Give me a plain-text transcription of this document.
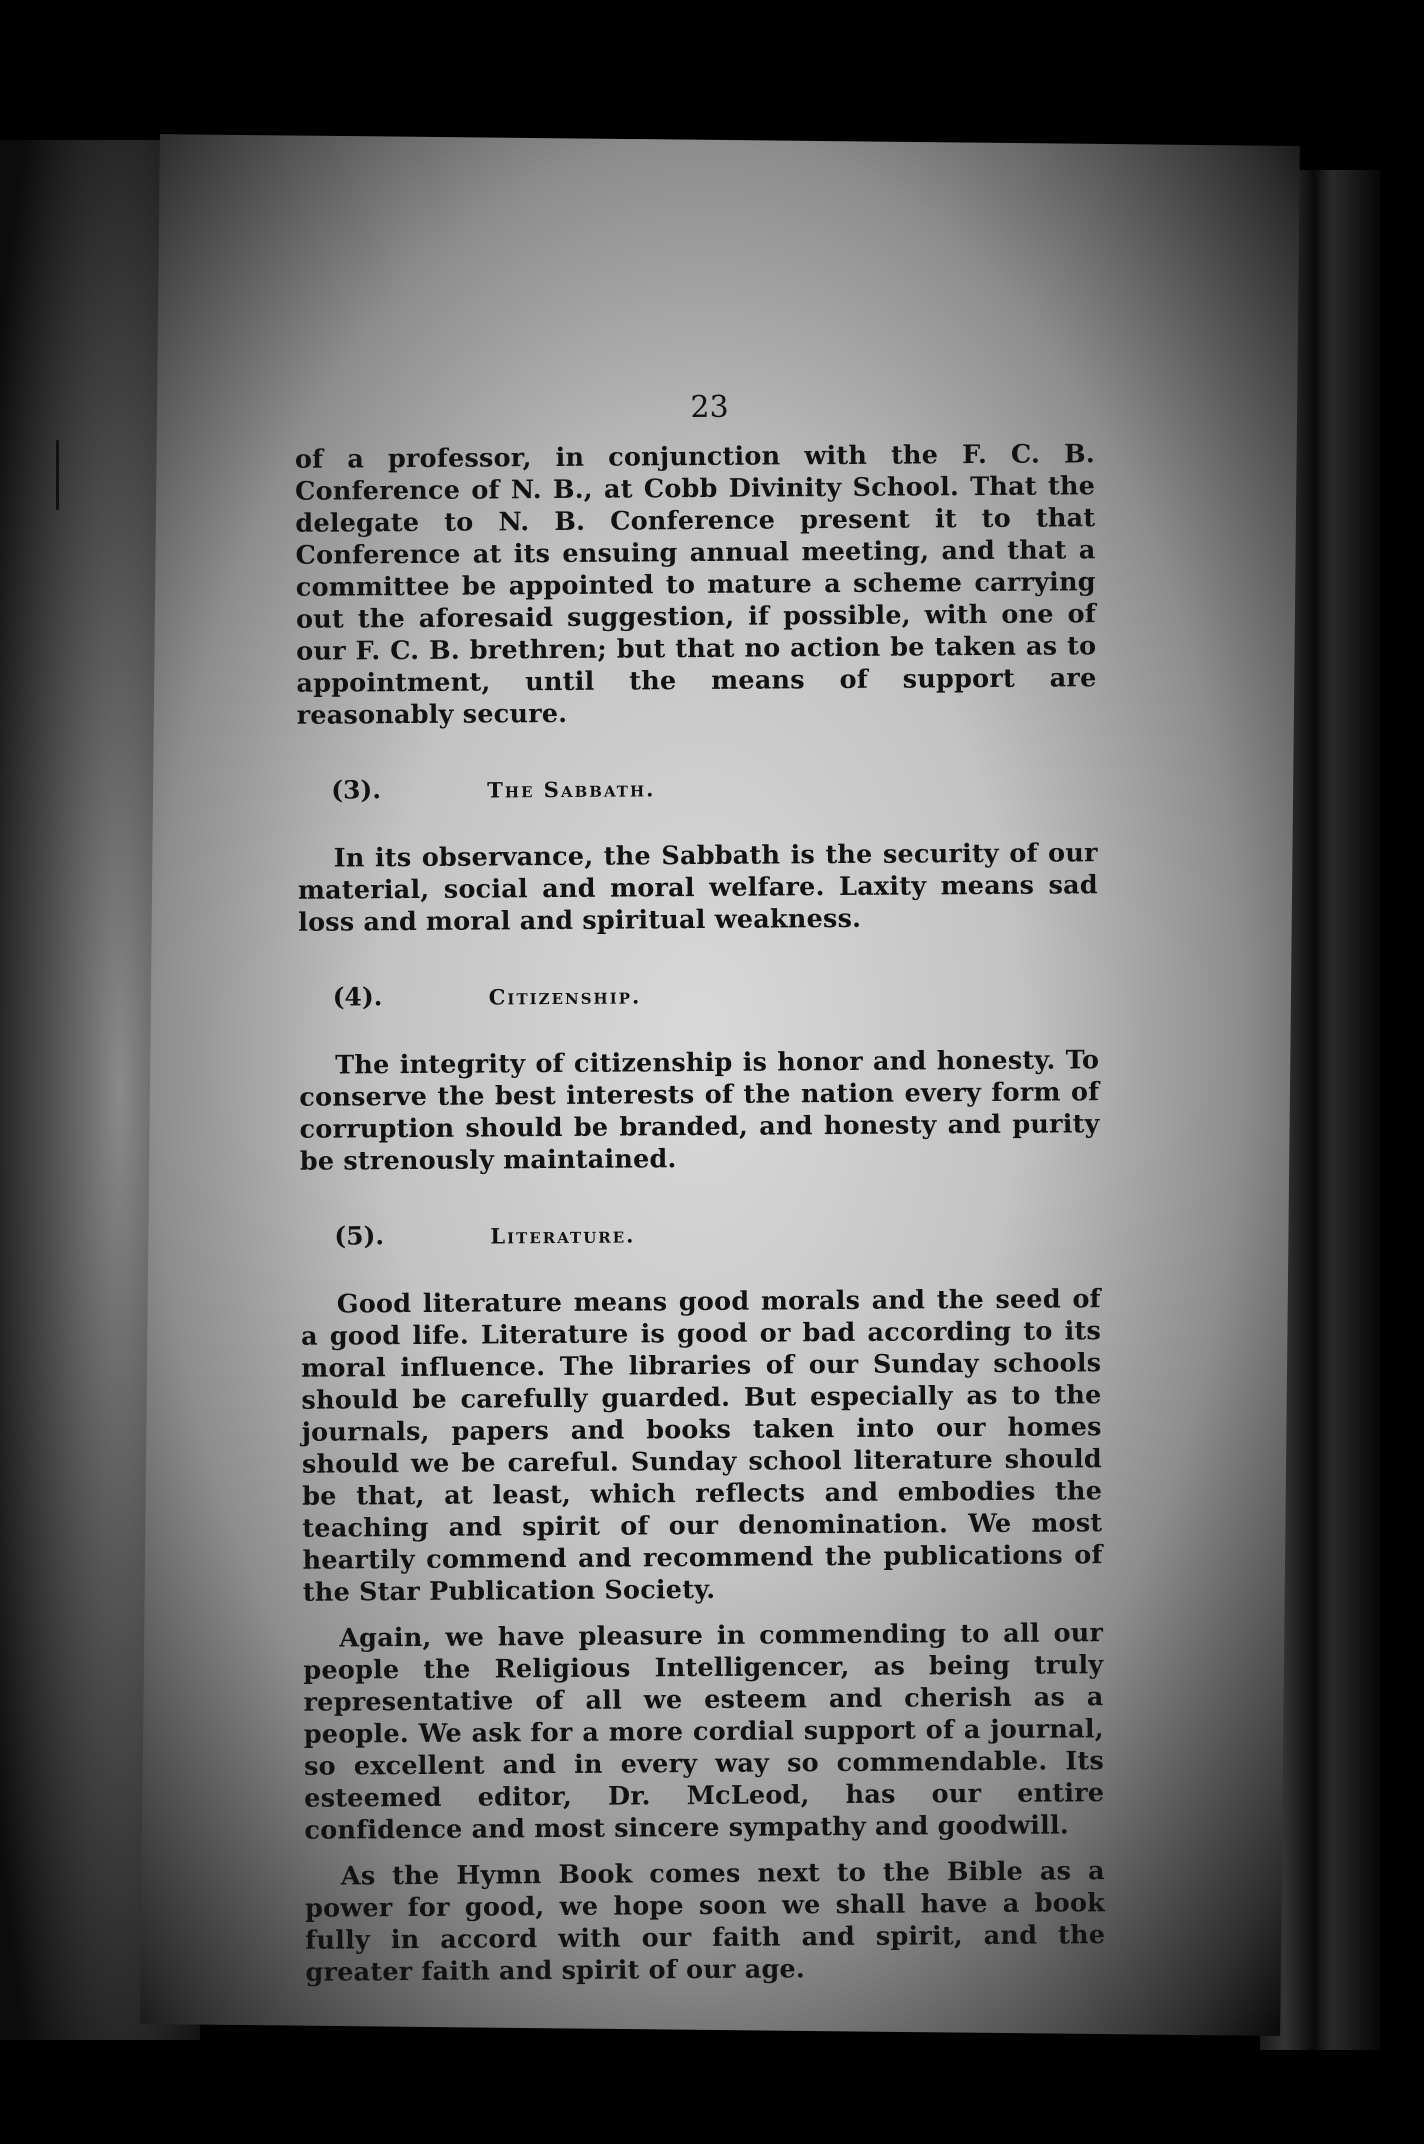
23

of a professor, in conjunction with the F. C. B. Conference of N. B., at Cobb Divinity School. That the delegate to N. B. Conference present it to that Conference at its ensuing annual meeting, and that a committee be appointed to mature a scheme carrying out the aforesaid suggestion, if possible, with one of our F. C. B. brethren; but that no action be taken as to appointment, until the means of support are reasonably secure.

(3).	The Sabbath.

In its observance, the Sabbath is the security of our material, social and moral welfare. Laxity means sad loss and moral and spiritual weakness.

(4).	Citizenship.

The integrity of citizenship is honor and honesty. To conserve the best interests of the nation every form of corruption should be branded, and honesty and purity be strenously maintained.

(5).	Literature.

Good literature means good morals and the seed of a good life. Literature is good or bad according to its moral influence. The libraries of our Sunday schools should be carefully guarded. But especially as to the journals, papers and books taken into our homes should we be careful. Sunday school literature should be that, at least, which reflects and embodies the teaching and spirit of our denomination. We most heartily commend and recommend the publications of the Star Publication Society.

Again, we have pleasure in commending to all our people the Religious Intelligencer, as being truly representative of all we esteem and cherish as a people. We ask for a more cordial support of a journal, so excellent and in every way so commendable. Its esteemed editor, Dr. McLeod, has our entire confidence and most sincere sympathy and goodwill.

As the Hymn Book comes next to the Bible as a power for good, we hope soon we shall have a book fully in accord with our faith and spirit, and the greater faith and spirit of our age.
